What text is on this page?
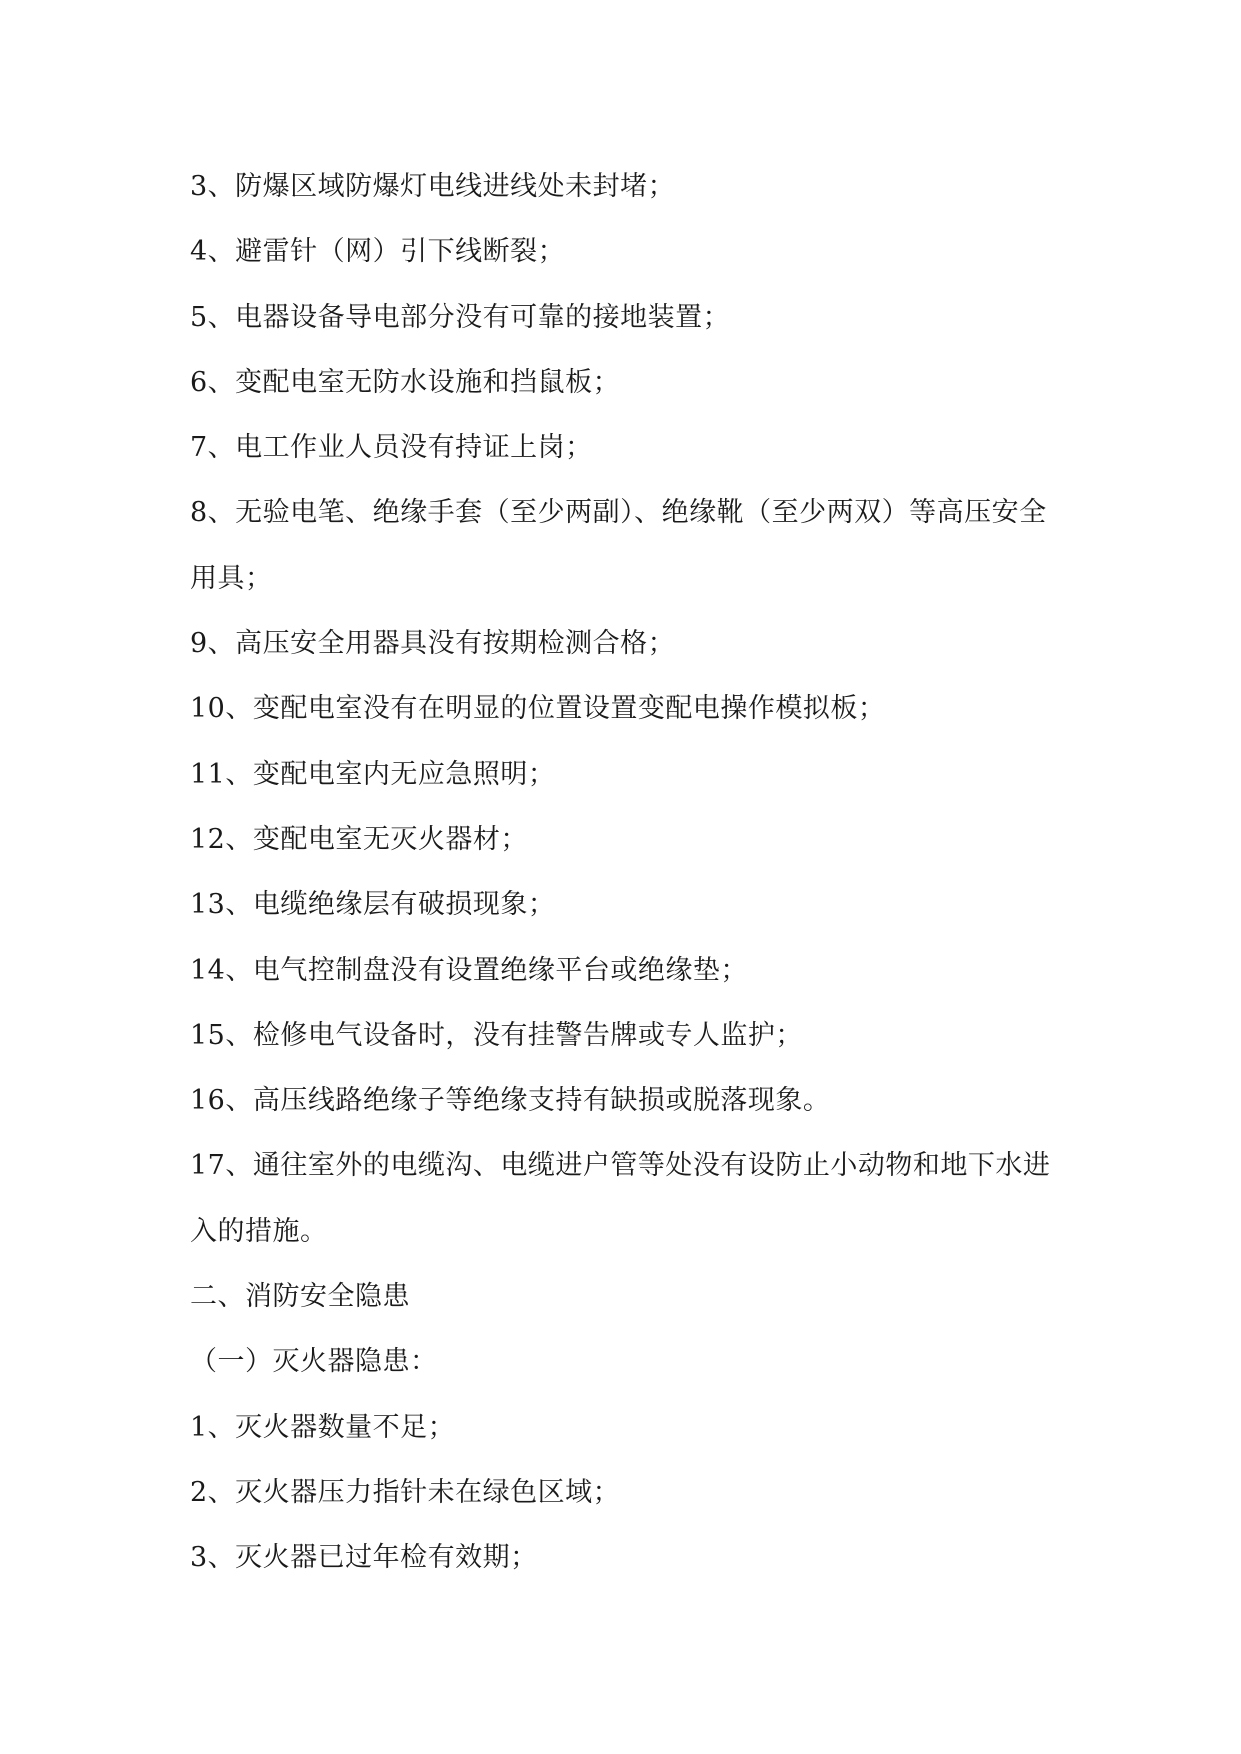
3、防爆区域防爆灯电线进线处未封堵；

4、避雷针（网）引下线断裂；

5、电器设备导电部分没有可靠的接地装置；

6、变配电室无防水设施和挡鼠板；

7、电工作业人员没有持证上岗；

8、无验电笔、绝缘手套（至少两副）、绝缘靴（至少两双）等高压安全用具；

9、高压安全用器具没有按期检测合格；

10、变配电室没有在明显的位置设置变配电操作模拟板；

11、变配电室内无应急照明；

12、变配电室无灭火器材；

13、电缆绝缘层有破损现象；

14、电气控制盘没有设置绝缘平台或绝缘垫；

15、检修电气设备时，没有挂警告牌或专人监护；

16、高压线路绝缘子等绝缘支持有缺损或脱落现象。

17、通往室外的电缆沟、电缆进户管等处没有设防止小动物和地下水进入的措施。

二、消防安全隐患

（一）灭火器隐患：

1、灭火器数量不足；

2、灭火器压力指针未在绿色区域；

3、灭火器已过年检有效期；
